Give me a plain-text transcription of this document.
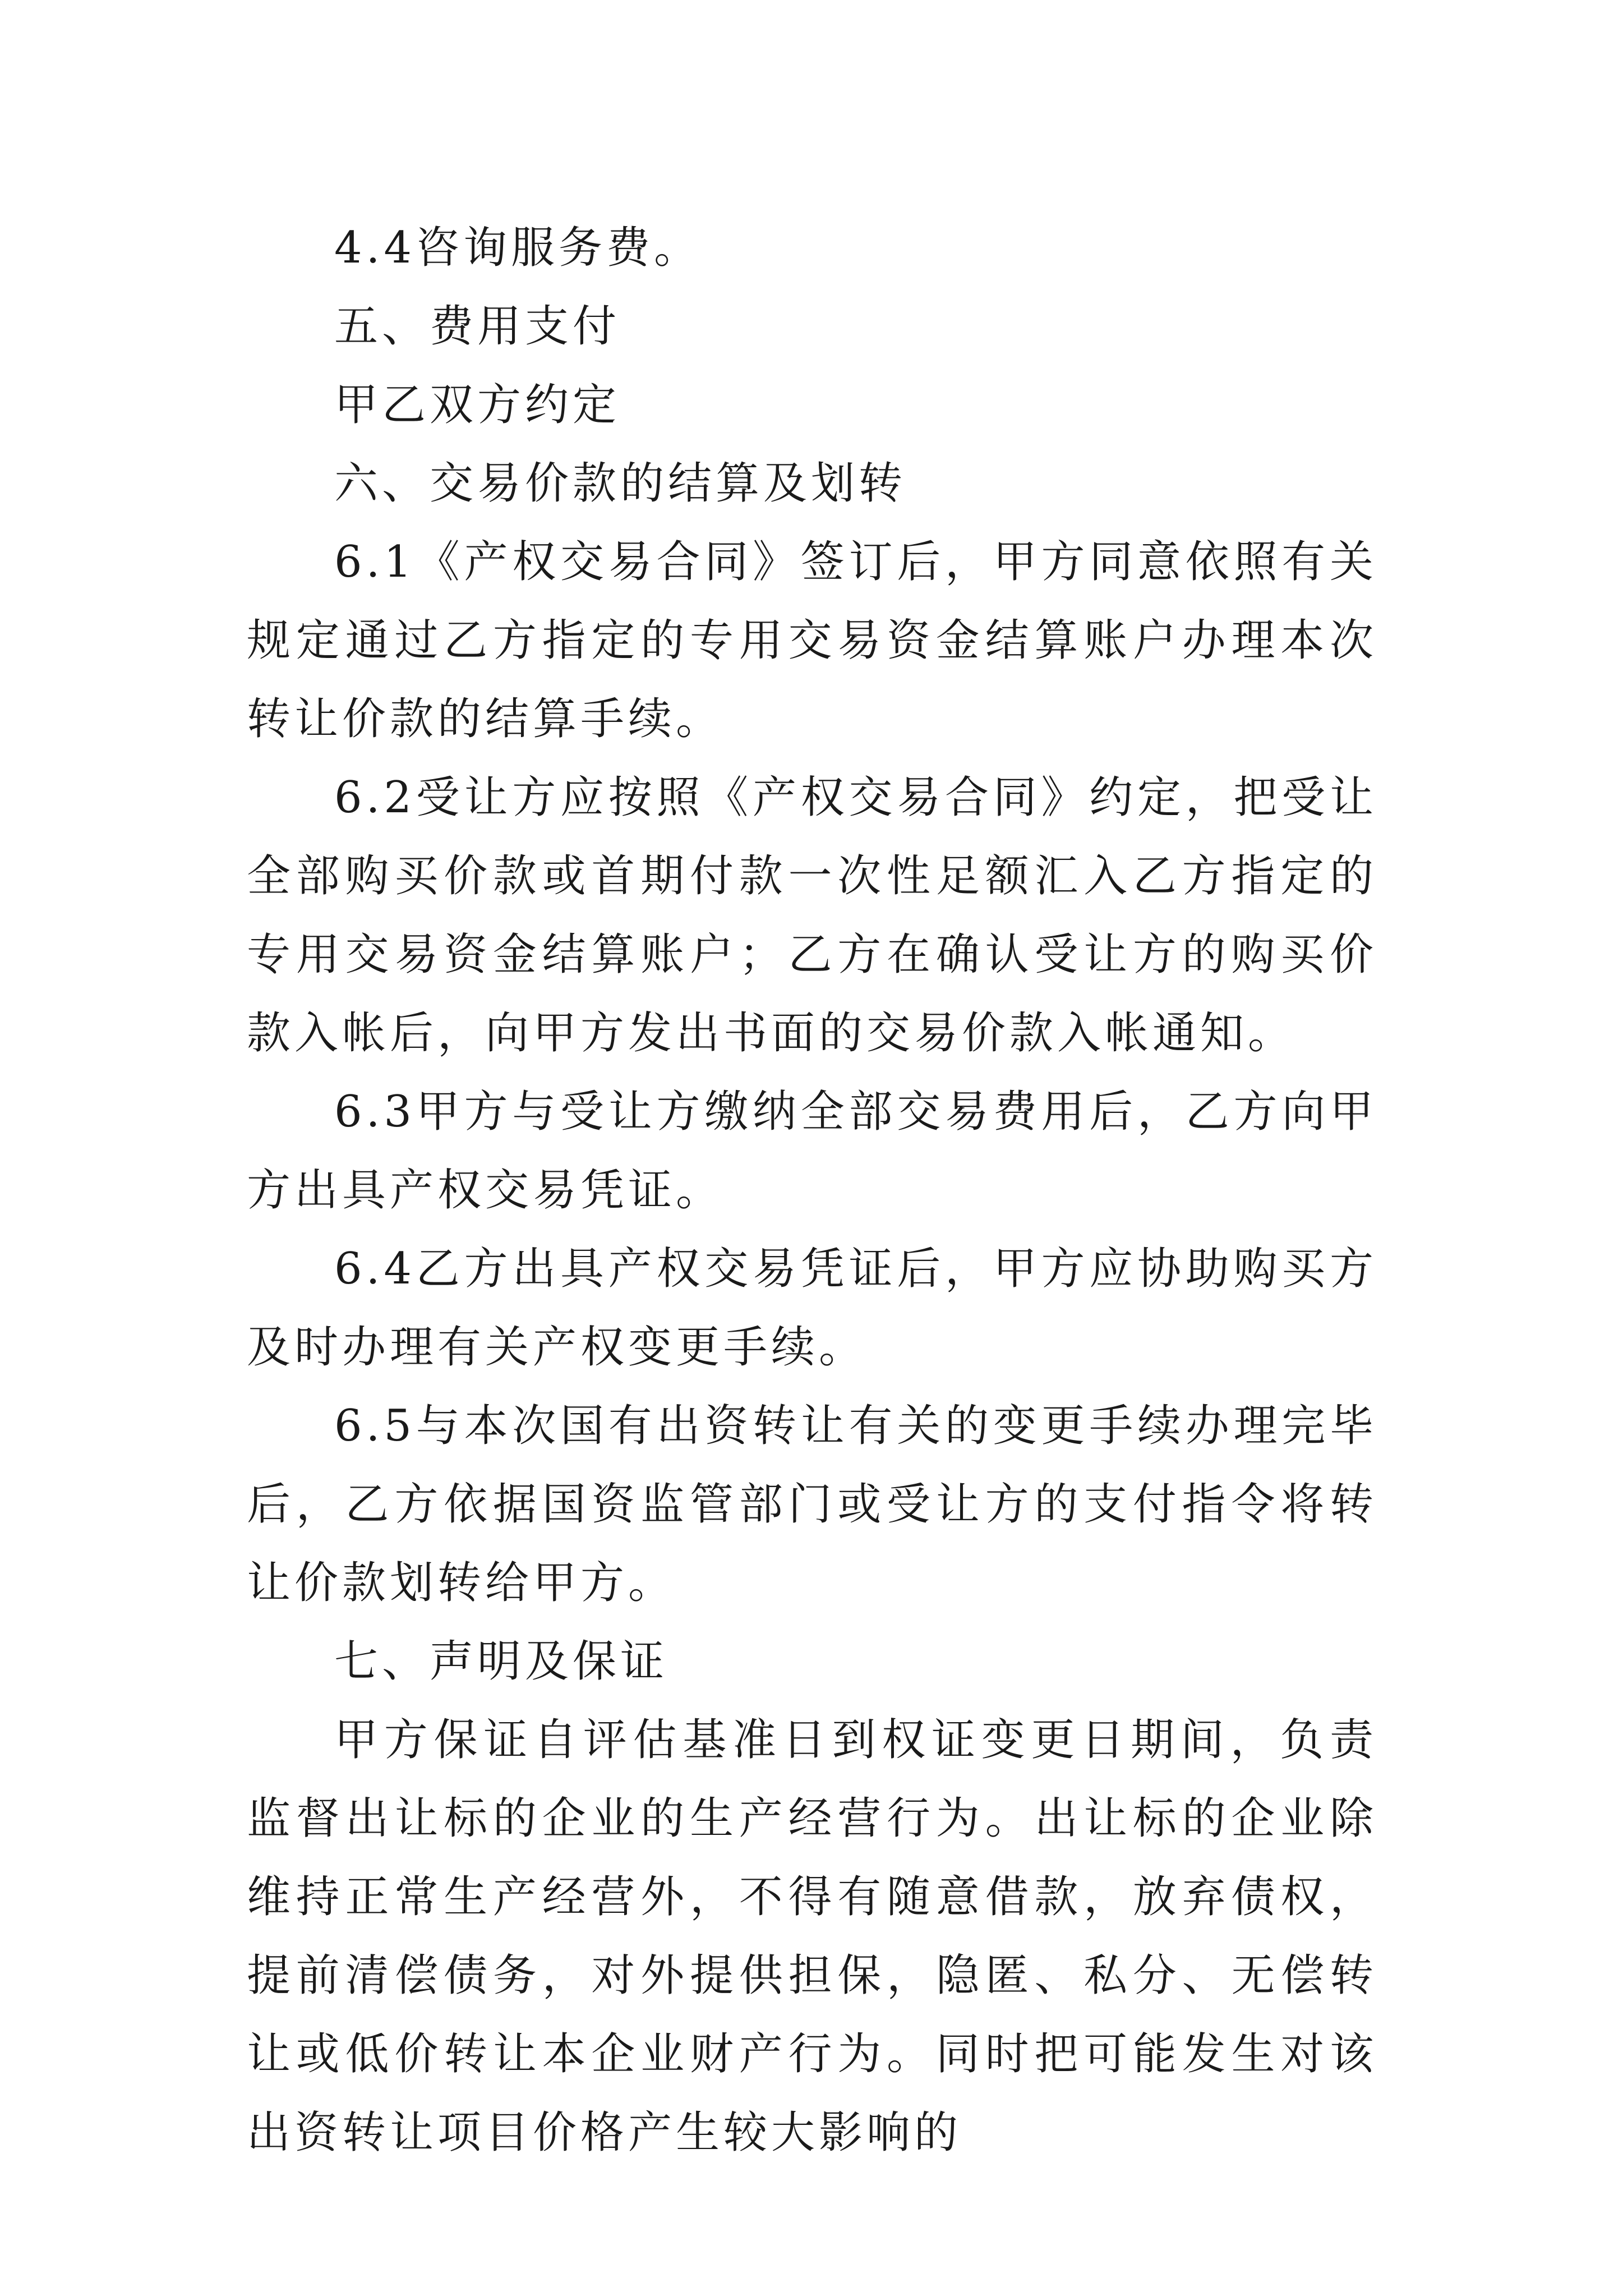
4.4咨询服务费。

五、费用支付

甲乙双方约定

六、交易价款的结算及划转

6.1《产权交易合同》签订后，甲方同意依照有关规定通过乙方指定的专用交易资金结算账户办理本次转让价款的结算手续。

6.2受让方应按照《产权交易合同》约定，把受让全部购买价款或首期付款一次性足额汇入乙方指定的专用交易资金结算账户；乙方在确认受让方的购买价款入帐后，向甲方发出书面的交易价款入帐通知。

6.3甲方与受让方缴纳全部交易费用后，乙方向甲方出具产权交易凭证。

6.4乙方出具产权交易凭证后，甲方应协助购买方及时办理有关产权变更手续。

6.5与本次国有出资转让有关的变更手续办理完毕后，乙方依据国资监管部门或受让方的支付指令将转让价款划转给甲方。

七、声明及保证

甲方保证自评估基准日到权证变更日期间，负责监督出让标的企业的生产经营行为。出让标的企业除维持正常生产经营外，不得有随意借款，放弃债权，提前清偿债务，对外提供担保，隐匿、私分、无偿转让或低价转让本企业财产行为。同时把可能发生对该出资转让项目价格产生较大影响的
